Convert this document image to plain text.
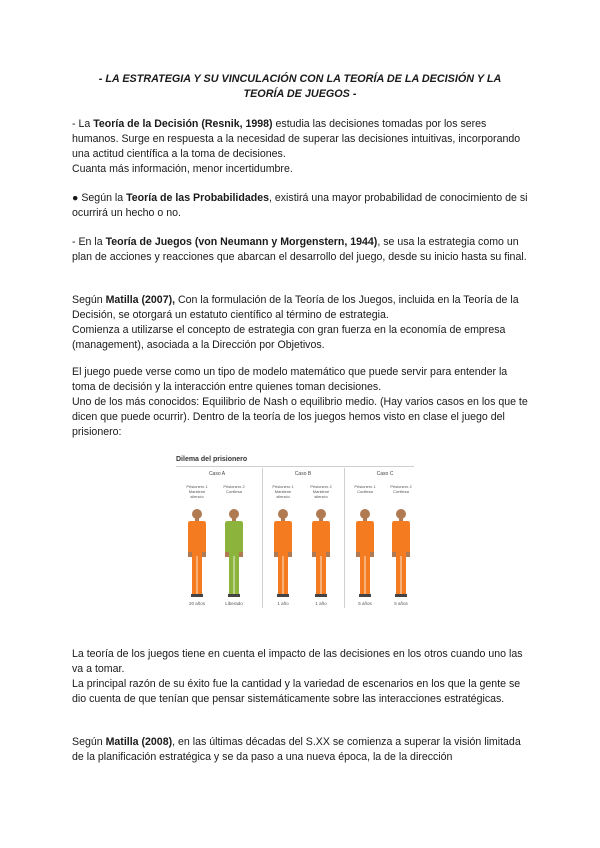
- LA ESTRATEGIA Y SU VINCULACIÓN CON LA TEORÍA DE LA DECISIÓN Y LA
TEORÍA DE JUEGOS -

- La Teoría de la Decisión (Resnik, 1998) estudia las decisiones tomadas por los seres humanos. Surge en respuesta a la necesidad de superar las decisiones intuitivas, incorporando una actitud científica a la toma de decisiones.

Cuanta más información, menor incertidumbre.

● Según la Teoría de las Probabilidades, existirá una mayor probabilidad de conocimiento de si ocurrirá un hecho o no.

- En la Teoría de Juegos (von Neumann y Morgenstern, 1944), se usa la estrategia como un plan de acciones y reacciones que abarcan el desarrollo del juego, desde su inicio hasta su final.

Según Matilla (2007), Con la formulación de la Teoría de los Juegos, incluida en la Teoría de la Decisión, se otorgará un estatuto científico al término de estrategia.

Comienza a utilizarse el concepto de estrategia con gran fuerza en la economía de empresa (management), asociada a la Dirección por Objetivos.

El juego puede verse como un tipo de modelo matemático que puede servir para entender la toma de decisión y la interacción entre quienes toman decisiones.

Uno de los más conocidos: Equilibrio de Nash o equilibrio medio. (Hay varios casos en los que te dicen que puede ocurrir). Dentro de la teoría de los juegos hemos visto en clase el juego del prisionero:

Dilema del prisionero
Caso A	Caso B	Caso C
Prisionero 1
Mantiene silencio
Prisionero 2
Confiesa
20 años	Liberado
Prisionero 1
Mantiene silencio
Prisionero 2
Mantiene silencio
1 año	1 año
Prisionero 1
Confiesa
Prisionero 2
Confiesa
5 años	5 años

La teoría de los juegos tiene en cuenta el impacto de las decisiones en los otros cuando uno las va a tomar.

La principal razón de su éxito fue la cantidad y la variedad de escenarios en los que la gente se dio cuenta de que tenían que pensar sistemáticamente sobre las interacciones estratégicas.

Según Matilla (2008), en las últimas décadas del S.XX se comienza a superar la visión limitada de la planificación estratégica y se da paso a una nueva época, la de la dirección
